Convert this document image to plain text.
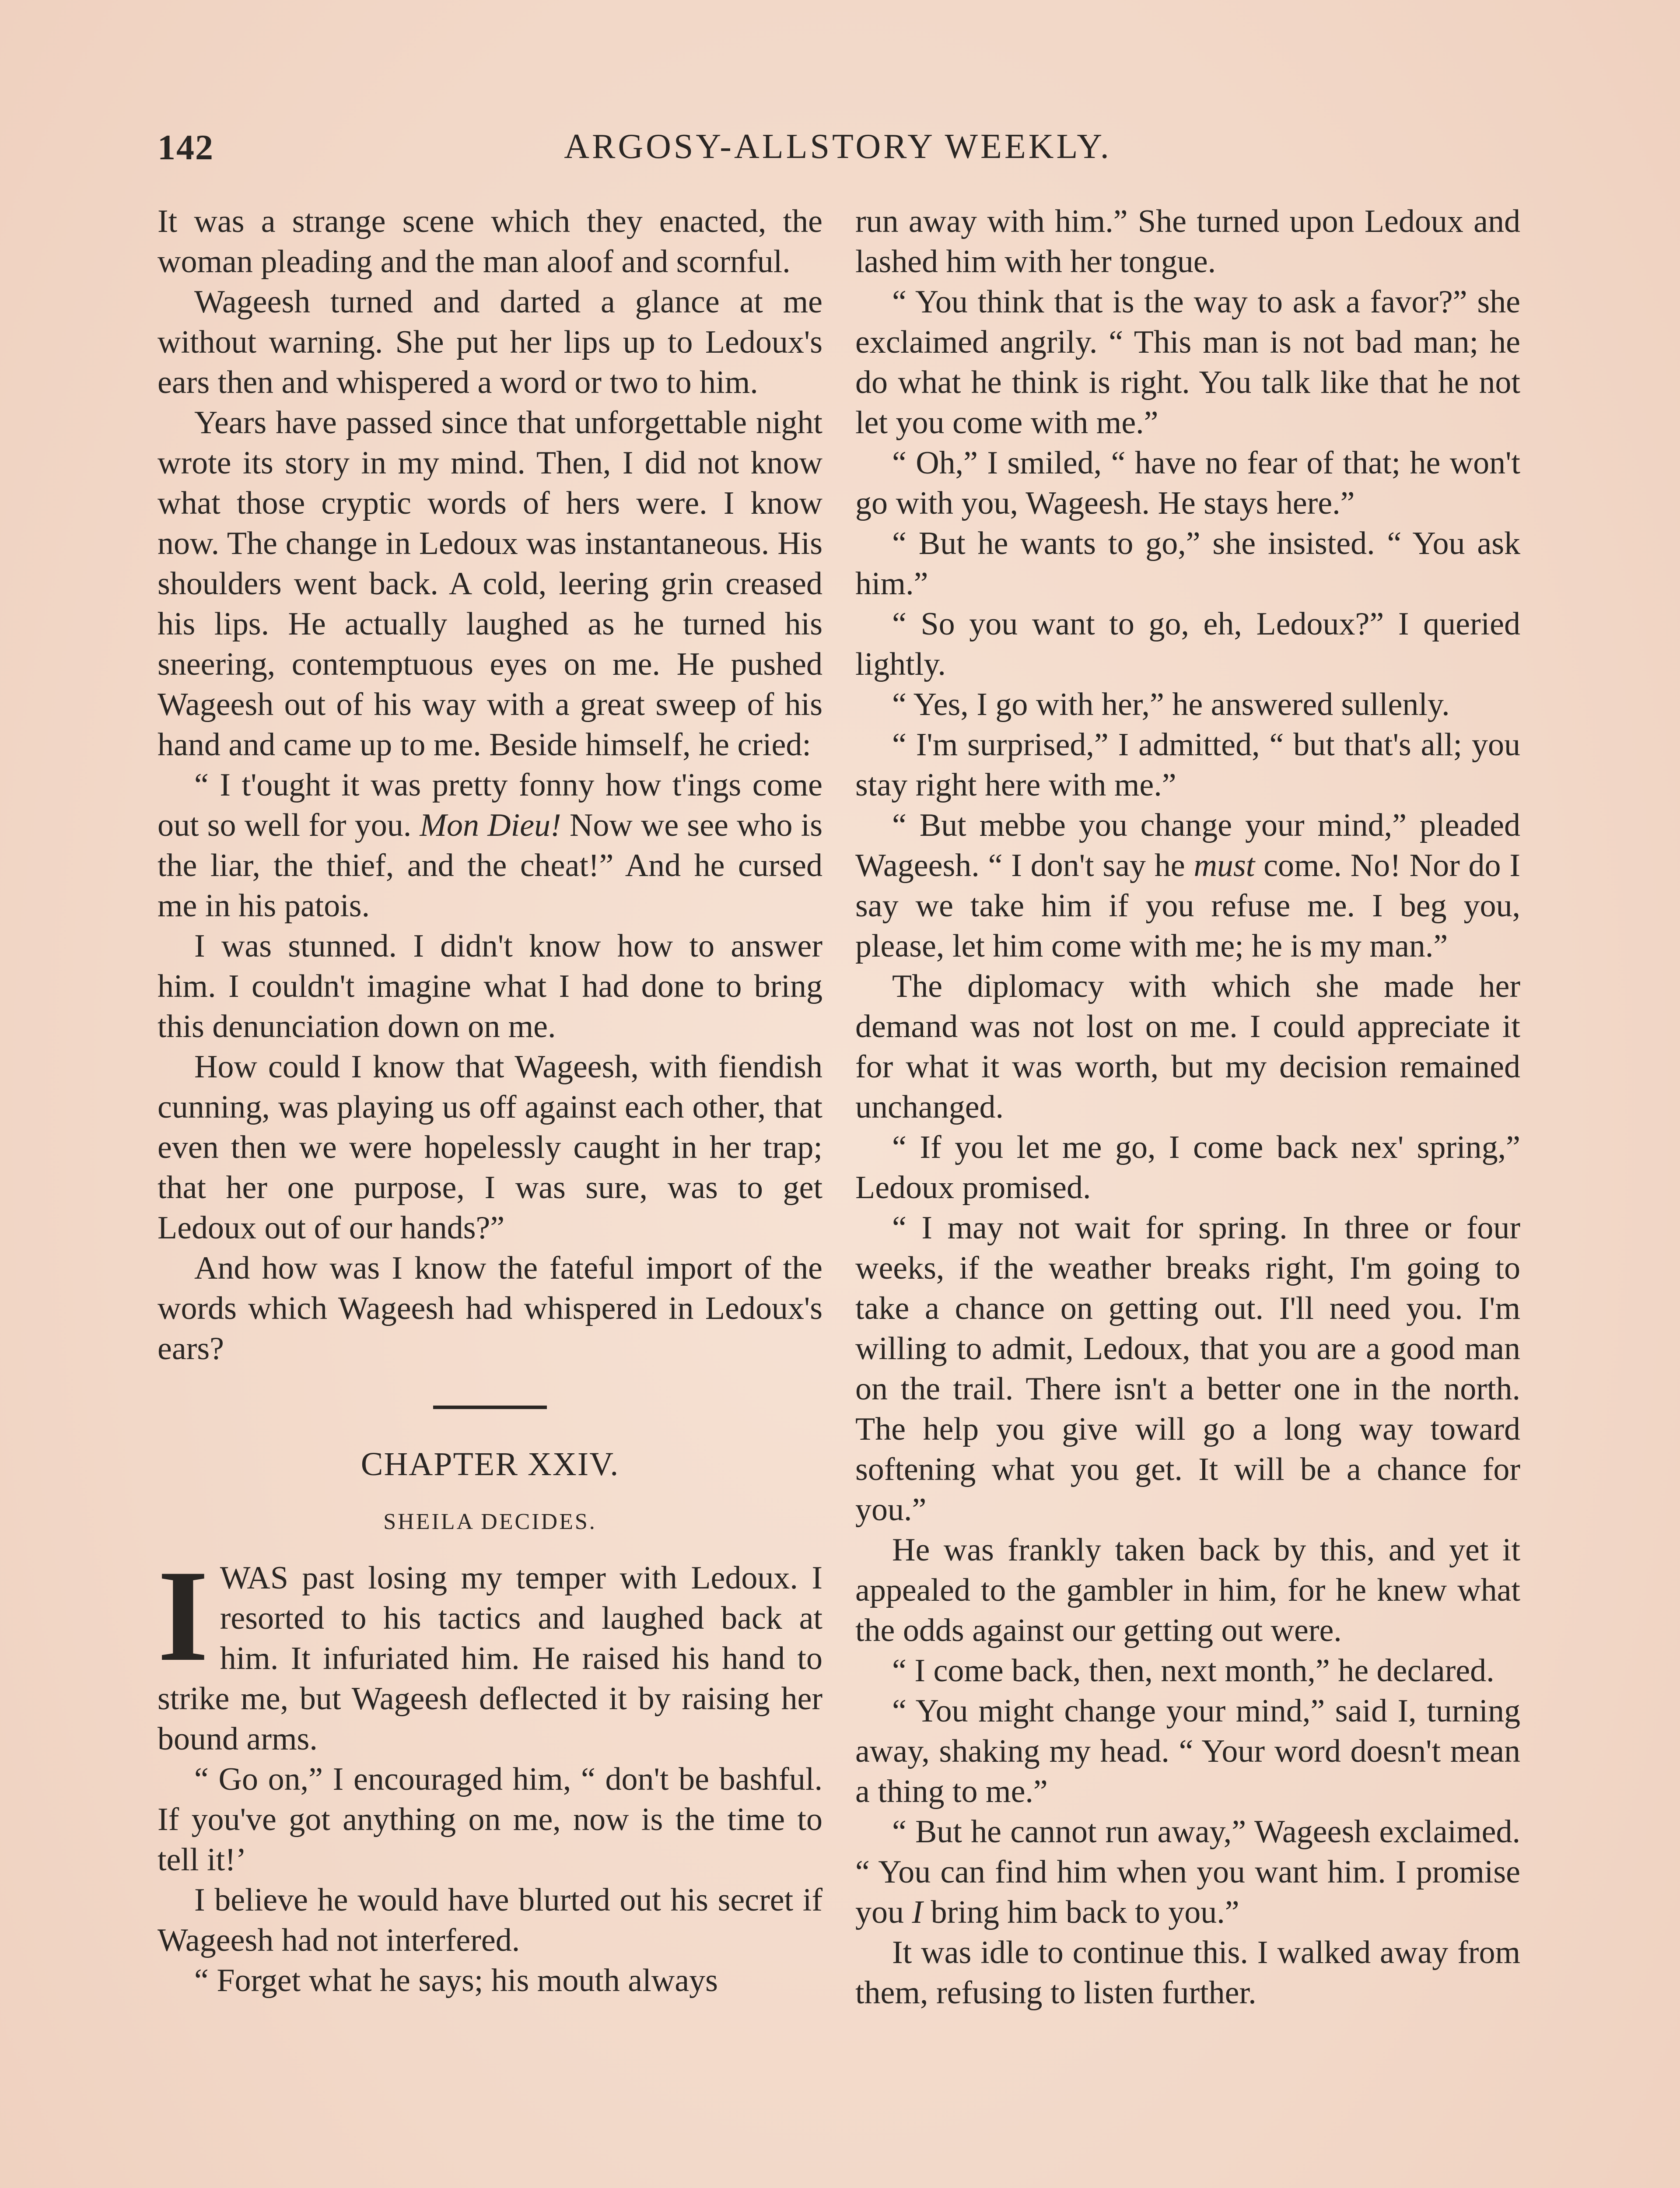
142	ARGOSY-ALLSTORY WEEKLY.

It was a strange scene which they enacted, the woman pleading and the man aloof and scornful.

Wageesh turned and darted a glance at me without warning. She put her lips up to Ledoux's ears then and whispered a word or two to him.

Years have passed since that unforgettable night wrote its story in my mind. Then, I did not know what those cryptic words of hers were. I know now. The change in Ledoux was instantaneous. His shoulders went back. A cold, leering grin creased his lips. He actually laughed as he turned his sneering, contemptuous eyes on me. He pushed Wageesh out of his way with a great sweep of his hand and came up to me. Beside himself, he cried:

“ I t'ought it was pretty fonny how t'ings come out so well for you. Mon Dieu! Now we see who is the liar, the thief, and the cheat!” And he cursed me in his patois.

I was stunned. I didn't know how to answer him. I couldn't imagine what I had done to bring this denunciation down on me.

How could I know that Wageesh, with fiendish cunning, was playing us off against each other, that even then we were hopelessly caught in her trap; that her one purpose, I was sure, was to get Ledoux out of our hands?”

And how was I know the fateful import of the words which Wageesh had whispered in Ledoux's ears?

CHAPTER XXIV.
SHEILA DECIDES.

IWAS past losing my temper with Ledoux. I resorted to his tactics and laughed back at him. It infuriated him. He raised his hand to strike me, but Wageesh deflected it by raising her bound arms.

“ Go on,” I encouraged him, “ don't be bashful. If you've got anything on me, now is the time to tell it!’

I believe he would have blurted out his secret if Wageesh had not interfered.

“ Forget what he says; his mouth always

run away with him.” She turned upon Ledoux and lashed him with her tongue.

“ You think that is the way to ask a favor?” she exclaimed angrily. “ This man is not bad man; he do what he think is right. You talk like that he not let you come with me.”

“ Oh,” I smiled, “ have no fear of that; he won't go with you, Wageesh. He stays here.”

“ But he wants to go,” she insisted. “ You ask him.”

“ So you want to go, eh, Ledoux?” I queried lightly.

“ Yes, I go with her,” he answered sullenly.

“ I'm surprised,” I admitted, “ but that's all; you stay right here with me.”

“ But mebbe you change your mind,” pleaded Wageesh. “ I don't say he must come. No! Nor do I say we take him if you refuse me. I beg you, please, let him come with me; he is my man.”

The diplomacy with which she made her demand was not lost on me. I could appreciate it for what it was worth, but my decision remained unchanged.

“ If you let me go, I come back nex' spring,” Ledoux promised.

“ I may not wait for spring. In three or four weeks, if the weather breaks right, I'm going to take a chance on getting out. I'll need you. I'm willing to admit, Ledoux, that you are a good man on the trail. There isn't a better one in the north. The help you give will go a long way toward softening what you get. It will be a chance for you.”

He was frankly taken back by this, and yet it appealed to the gambler in him, for he knew what the odds against our getting out were.

“ I come back, then, next month,” he declared.

“ You might change your mind,” said I, turning away, shaking my head. “ Your word doesn't mean a thing to me.”

“ But he cannot run away,” Wageesh exclaimed. “ You can find him when you want him. I promise you I bring him back to you.”

It was idle to continue this. I walked away from them, refusing to listen further.
